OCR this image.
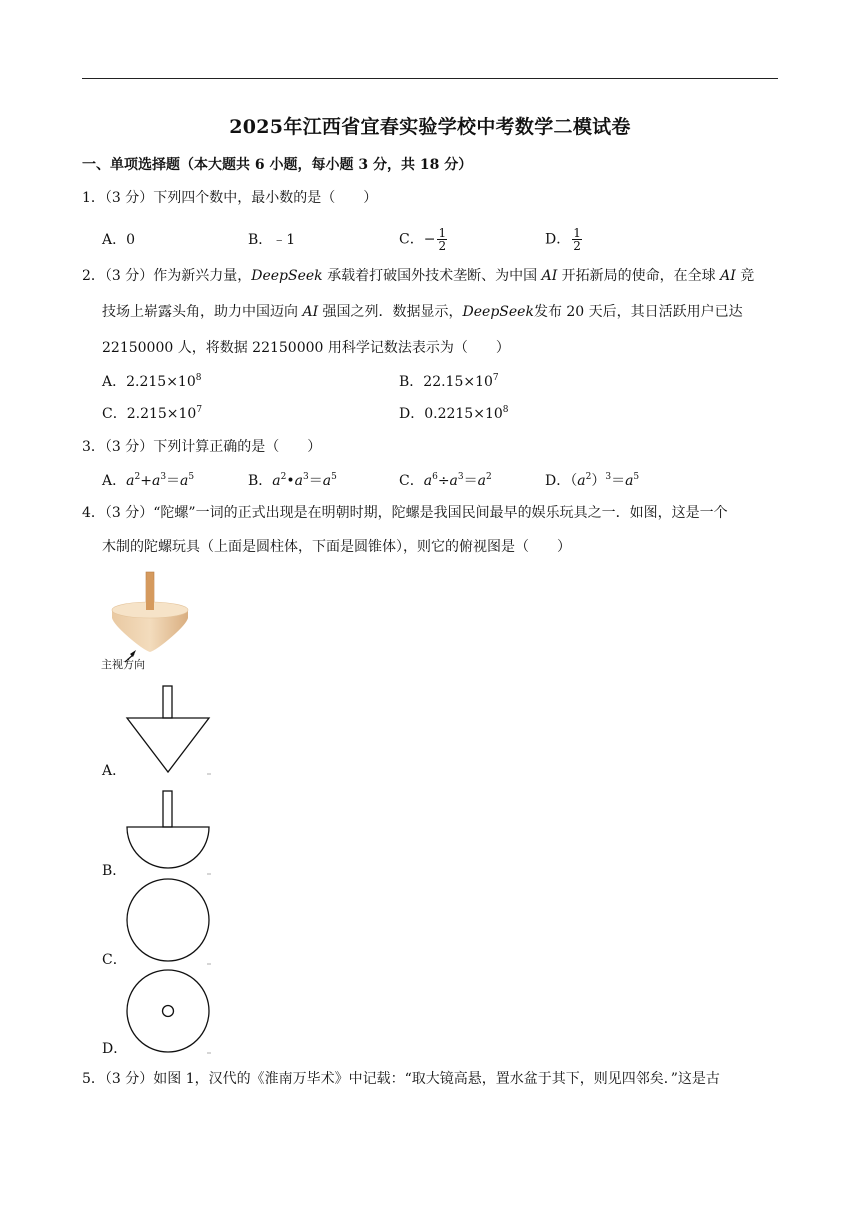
2025年江西省宜春实验学校中考数学二模试卷
一、单项选择题（本大题共 6 小题，每小题 3 分，共 18 分）
1．（3 分）下列四个数中，最小数的是（　　）
A．0	B．﹣1	C．− $\frac{1}{2}$	D． $\frac{1}{2}$
2．（3 分）作为新兴力量，DeepSeek 承载着打破国外技术垄断、为中国 AI 开拓新局的使命，在全球 AI 竞
技场上崭露头角，助力中国迈向 AI 强国之列．数据显示，DeepSeek发布 20 天后，其日活跃用户已达
22150000 人，将数据 22150000 用科学记数法表示为（　　）
A．$2.215\times 10^8$	B．$22.15\times 10^7$
C．$2.215\times 10^7$	D．$0.2215\times 10^8$
3．（3 分）下列计算正确的是（　　）
A．$a^2+a^3=a^5$	B．$a^2•a^3=a^5$	C．$a^6\div a^3=a^2$	D．$(a^2)^3=a^5$
4．（3 分）“陀螺”一词的正式出现是在明朝时期，陀螺是我国民间最早的娱乐玩具之一．如图，这是一个
木制的陀螺玩具（上面是圆柱体，下面是圆锥体），则它的俯视图是（　　）
主视方向
A．
B．
C．
D．
5．（3 分）如图 1，汉代的《淮南万毕术》中记载：“取大镜高悬，置水盆于其下，则见四邻矣．”这是古
